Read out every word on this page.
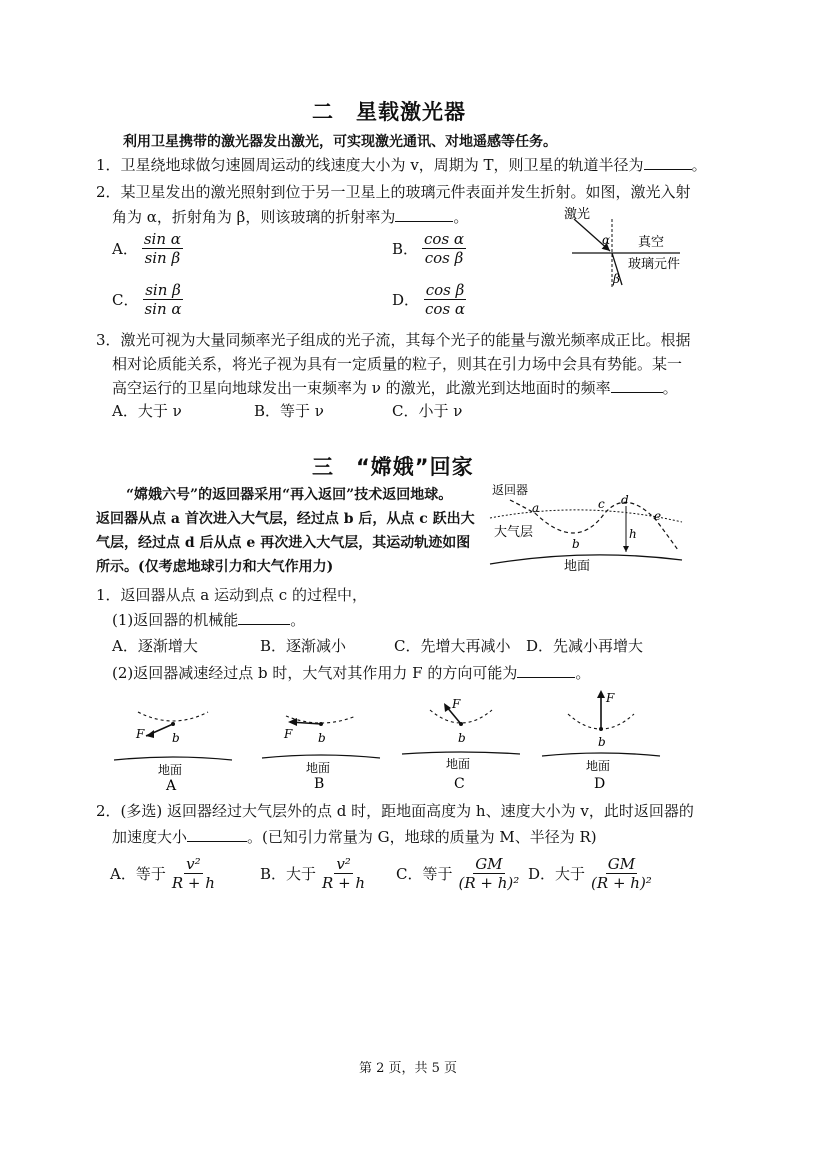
二　星载激光器
利用卫星携带的激光器发出激光，可实现激光通讯、对地遥感等任务。
1．卫星绕地球做匀速圆周运动的线速度大小为 v，周期为 T，则卫星的轨道半径为	。
2．某卫星发出的激光照射到位于另一卫星上的玻璃元件表面并发生折射。如图，激光入射
角为 α，折射角为 β，则该玻璃的折射率为	。
A． $\frac{\text{sin α}}{\text{sin β}}$	B． $\frac{\text{cos α}}{\text{cos β}}$
C． $\frac{\text{sin β}}{\text{sin α}}$	D． $\frac{\text{cos β}}{\text{cos α}}$
激光
α 真空
玻璃元件
β
3．激光可视为大量同频率光子组成的光子流，其每个光子的能量与激光频率成正比。根据
相对论质能关系，将光子视为具有一定质量的粒子，则其在引力场中会具有势能。某一
高空运行的卫星向地球发出一束频率为 ν 的激光，此激光到达地面时的频率	。
A．大于 ν	B．等于 ν	C．小于 ν
三　“嫦娥”回家
“嫦娥六号”的返回器采用“再入返回”技术返回地球。
返回器从点 a 首次进入大气层，经过点 b 后，从点 c 跃出大
气层，经过点 d 后从点 e 再次进入大气层，其运动轨迹如图
所示。(仅考虑地球引力和大气作用力)
返回器
a
b
c d
e
h
大气层
地面
1．返回器从点 a 运动到点 c 的过程中，
(1)返回器的机械能	。
A．逐渐增大	B．逐渐减小	C．先增大再减小 D．先减小再增大
(2)返回器减速经过点 b 时，大气对其作用力 F 的方向可能为	。
F b
地面
A
F b
地面
B
F
b
地面
C
F
b
地面
D
2．(多选) 返回器经过大气层外的点 d 时，距地面高度为 h、速度大小为 v，此时返回器的
加速度大小	。(已知引力常量为 G，地球的质量为 M、半径为 R)
A．等于 $\frac{\text{v²}}{R + h}$	B．大于 $\frac{\text{v²}}{R + h}$ C．等于 $\frac{GM}{\text{(R + h)²}}$ D．大于 $\frac{GM}{\text{(R + h)²}}$
第 2 页，共 5 页
